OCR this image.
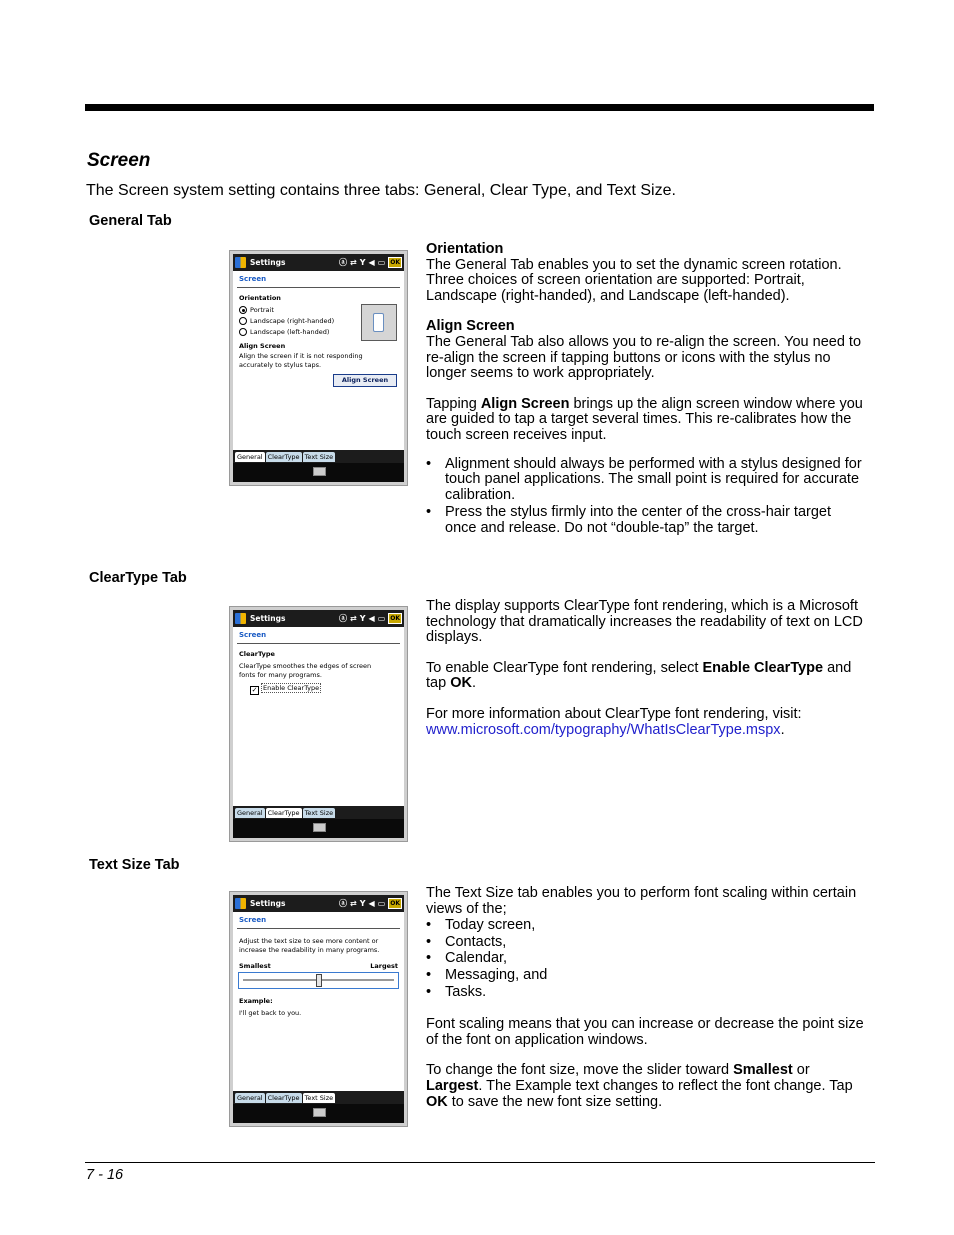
Screen
The Screen system setting contains three tabs: General, Clear Type, and Text Size.
General Tab
Settings	ⓐ ⇄ Y ◀ ▭ OK
Screen
Orientation
Portrait
Landscape (right-handed)
Landscape (left-handed)
Align Screen
Align the screen if it is not responding
accurately to stylus taps.
Align Screen
General ClearType Text Size

Orientation

The General Tab enables you to set the dynamic screen rotation. Three choices of screen orientation are supported: Portrait, Landscape (right-handed), and Landscape (left-handed).

Align Screen

The General Tab also allows you to re-align the screen. You need to re-align the screen if tapping buttons or icons with the stylus no longer seems to work appropriately.

Tapping Align Screen brings up the align screen window where you are guided to tap a target several times. This re-calibrates how the touch screen receives input.

• Alignment should always be performed with a stylus designed for touch panel applications. The small point is required for accurate calibration.
• Press the stylus firmly into the center of the cross-hair target once and release. Do not “double-tap” the target.
ClearType Tab
Settings	ⓐ ⇄ Y ◀ ▭ OK
Screen
ClearType
ClearType smoothes the edges of screen
fonts for many programs.
✓ Enable ClearType
General ClearType Text Size

The display supports ClearType font rendering, which is a Microsoft technology that dramatically increases the readability of text on LCD displays.

To enable ClearType font rendering, select Enable ClearType and tap OK.

For more information about ClearType font rendering, visit:

www.microsoft.com/typography/WhatIsClearType.mspx.

Text Size Tab
Settings	ⓐ ⇄ Y ◀ ▭ OK
Screen
Adjust the text size to see more content or
increase the readability in many programs.
Smallest	Largest
Example:
I'll get back to you.
General ClearType Text Size

The Text Size tab enables you to perform font scaling within certain views of the;

• Today screen,
• Contacts,
• Calendar,
• Messaging, and
• Tasks.

Font scaling means that you can increase or decrease the point size of the font on application windows.

To change the font size, move the slider toward Smallest or Largest. The Example text changes to reflect the font change. Tap OK to save the new font size setting.

7 - 16
